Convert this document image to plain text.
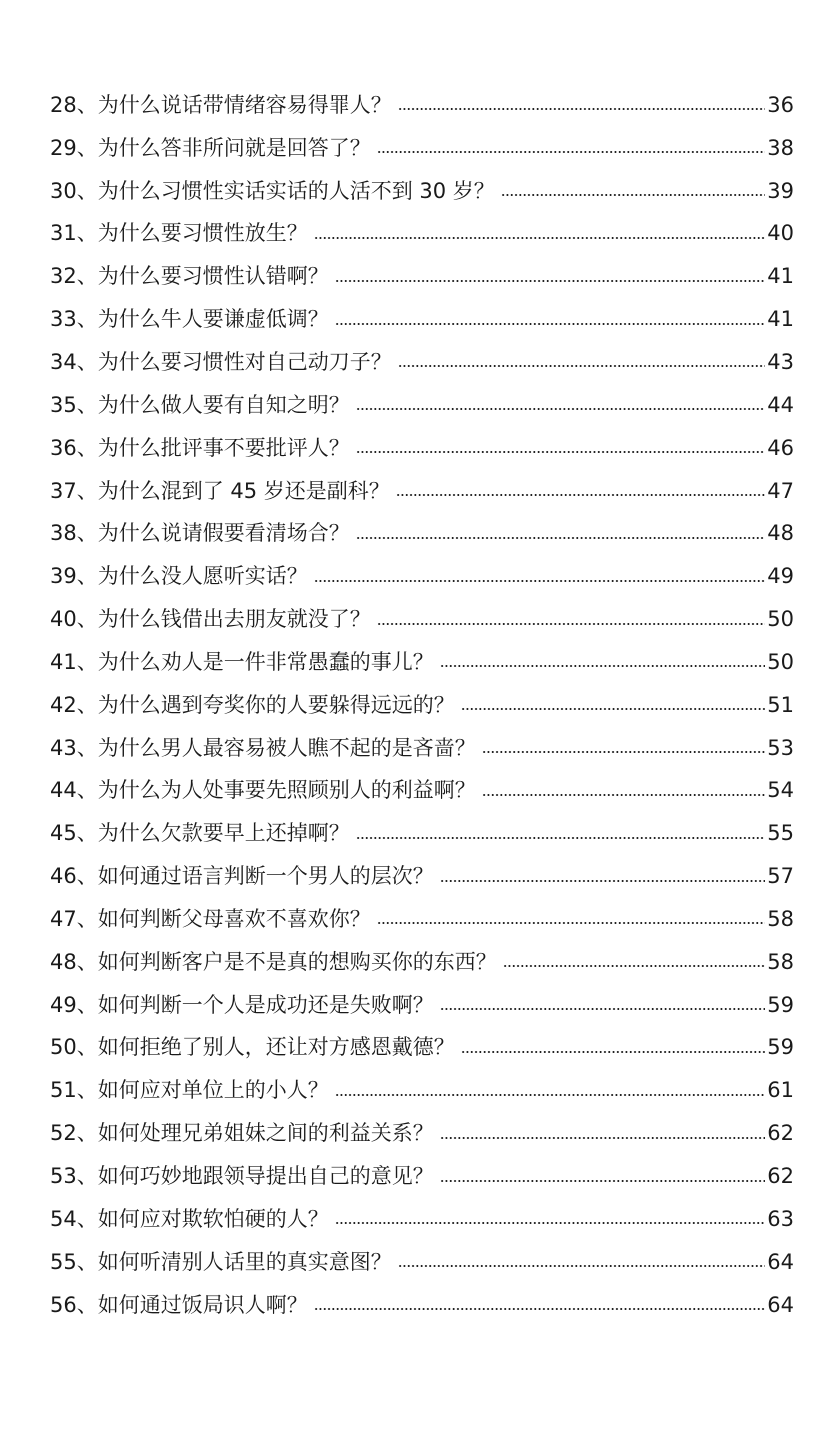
28、 为什么说话带情绪容易得罪人？	36
29、 为什么答非所问就是回答了？	38
30、 为什么习惯性实话实话的人活不到 30 岁？	39
31、 为什么要习惯性放生？	40
32、 为什么要习惯性认错啊？	41
33、 为什么牛人要谦虚低调？	41
34、 为什么要习惯性对自己动刀子？	43
35、 为什么做人要有自知之明？	44
36、 为什么批评事不要批评人？	46
37、 为什么混到了 45 岁还是副科？	47
38、 为什么说请假要看清场合？	48
39、 为什么没人愿听实话？	49
40、 为什么钱借出去朋友就没了？	50
41、 为什么劝人是一件非常愚蠢的事儿？	50
42、 为什么遇到夸奖你的人要躲得远远的？	51
43、 为什么男人最容易被人瞧不起的是吝啬？	53
44、 为什么为人处事要先照顾别人的利益啊？	54
45、 为什么欠款要早上还掉啊？	55
46、 如何通过语言判断一个男人的层次？	57
47、 如何判断父母喜欢不喜欢你？	58
48、 如何判断客户是不是真的想购买你的东西？	58
49、 如何判断一个人是成功还是失败啊？	59
50、 如何拒绝了别人，还让对方感恩戴德？	59
51、 如何应对单位上的小人？	61
52、 如何处理兄弟姐妹之间的利益关系？	62
53、 如何巧妙地跟领导提出自己的意见？	62
54、 如何应对欺软怕硬的人？	63
55、 如何听清别人话里的真实意图？	64
56、 如何通过饭局识人啊？	64
